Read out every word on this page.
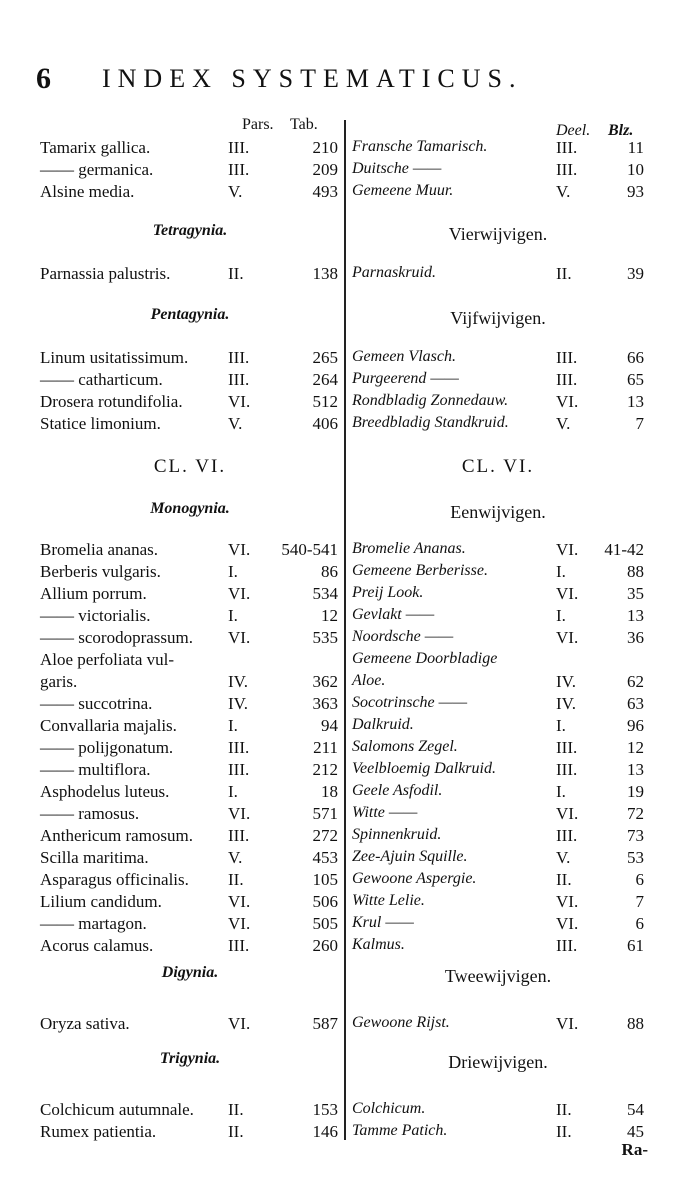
6 INDEX SYSTEMATICUS.
Pars. Tab.	Deel. Blz.
CL. VI.	CL. VI.
Tetragynia.	Vierwijvigen.
Pentagynia.	Vijfwijvigen.
Monogynia.	Eenwijvigen.
Digynia.	Tweewijvigen.
Trigynia.	Driewijvigen.
Tamarix gallica.	III.	210 Fransche Tamarisch.	III.	11
—— germanica.	III.	209 Duitsche ——	III.	10
Alsine media.	V.	493 Gemeene Muur.	V.	93
Parnassia palustris.	II.	138 Parnaskruid.	II.	39
Linum usitatissimum. III.	265 Gemeen Vlasch.	III.	66
—— catharticum.	III.	264 Purgeerend ——	III.	65
Drosera rotundifolia.	VI.	512 Rondbladig Zonnedauw.	VI.	13
Statice limonium.	V.	406 Breedbladig Standkruid.	V.	7
Bromelia ananas.	VI. 540-541 Bromelie Ananas.	VI. 41-42
Berberis vulgaris.	I.	86 Gemeene Berberisse.	I.	88
Allium porrum.	VI.	534 Preij Look.	VI.	35
—— victorialis.	I.	12 Gevlakt ——	I.	13
—— scorodoprassum. VI.	535 Noordsche ——	VI.	36
Aloe perfoliata vul-	Gemeene Doorbladige
garis.	IV.	362 Aloe.	IV.	62
—— succotrina.	IV.	363 Socotrinsche ——	IV.	63
Convallaria majalis.	I.	94 Dalkruid.	I.	96
—— polijgonatum.	III.	211 Salomons Zegel.	III.	12
—— multiflora.	III.	212 Veelbloemig Dalkruid.	III.	13
Asphodelus luteus.	I.	18 Geele Asfodil.	I.	19
—— ramosus.	VI.	571 Witte ——	VI.	72
Anthericum ramosum. III.	272 Spinnenkruid.	III.	73
Scilla maritima.	V.	453 Zee-Ajuin Squille.	V.	53
Asparagus officinalis. II.	105 Gewoone Aspergie.	II.	6
Lilium candidum.	VI.	506 Witte Lelie.	VI.	7
—— martagon.	VI.	505 Krul ——	VI.	6
Acorus calamus.	III.	260 Kalmus.	III.	61
Oryza sativa.	VI.	587 Gewoone Rijst.	VI.	88
Colchicum autumnale. II.	153 Colchicum.	II.	54
Rumex patientia.	II.	146 Tamme Patich.	II.	45
Ra-
